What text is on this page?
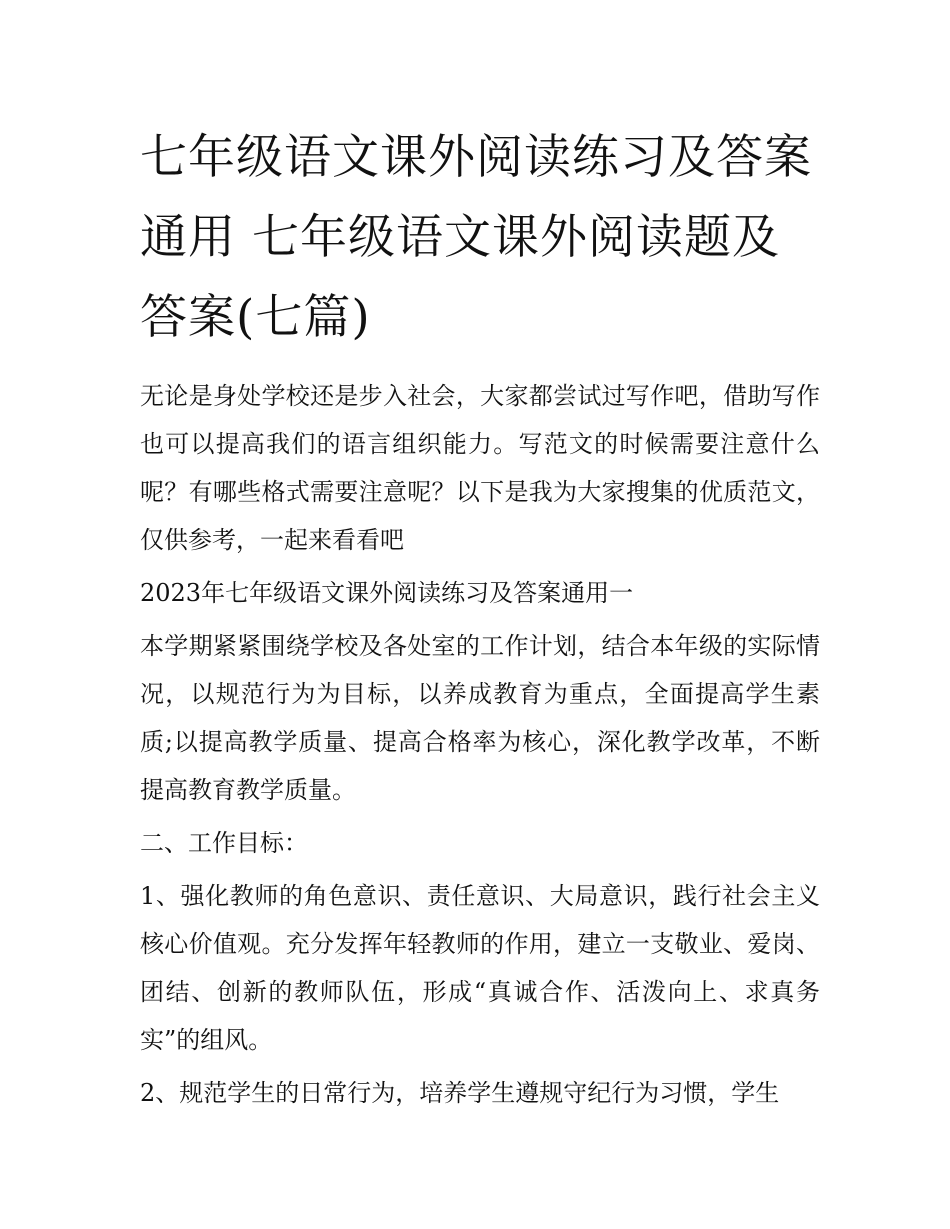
七年级语文课外阅读练习及答案通用 七年级语文课外阅读题及答案(七篇)

无论是身处学校还是步入社会，大家都尝试过写作吧，借助写作也可以提高我们的语言组织能力。写范文的时候需要注意什么呢？有哪些格式需要注意呢？以下是我为大家搜集的优质范文，仅供参考，一起来看看吧

2023年七年级语文课外阅读练习及答案通用一

本学期紧紧围绕学校及各处室的工作计划，结合本年级的实际情况，以规范行为为目标，以养成教育为重点，全面提高学生素质;以提高教学质量、提高合格率为核心，深化教学改革，不断提高教育教学质量。

二、工作目标：

1、强化教师的角色意识、责任意识、大局意识，践行社会主义核心价值观。充分发挥年轻教师的作用，建立一支敬业、爱岗、团结、创新的教师队伍，形成“真诚合作、活泼向上、求真务实”的组风。

2、规范学生的日常行为，培养学生遵规守纪行为习惯，学生
